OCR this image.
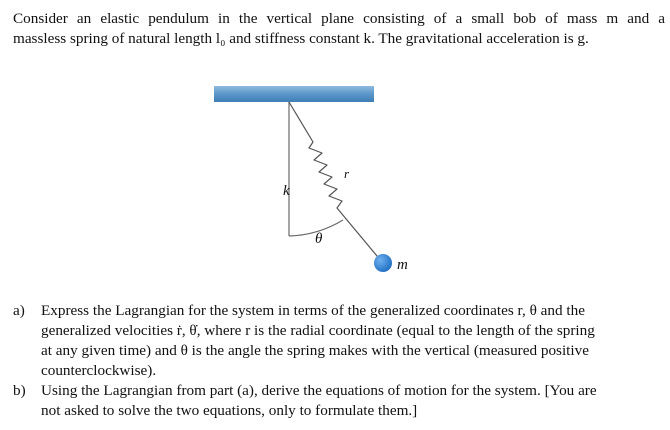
Consider an elastic pendulum in the vertical plane consisting of a small bob of mass m and a
massless spring of natural length l₀ and stiffness constant k. The gravitational acceleration is g.
k
r
θ
m
a) Express the Lagrangian for the system in terms of the generalized coordinates r, θ and the
generalized velocities ṙ, θ̇, where r is the radial coordinate (equal to the length of the spring
at any given time) and θ is the angle the spring makes with the vertical (measured positive
counterclockwise).
b) Using the Lagrangian from part (a), derive the equations of motion for the system. [You are
not asked to solve the two equations, only to formulate them.]
